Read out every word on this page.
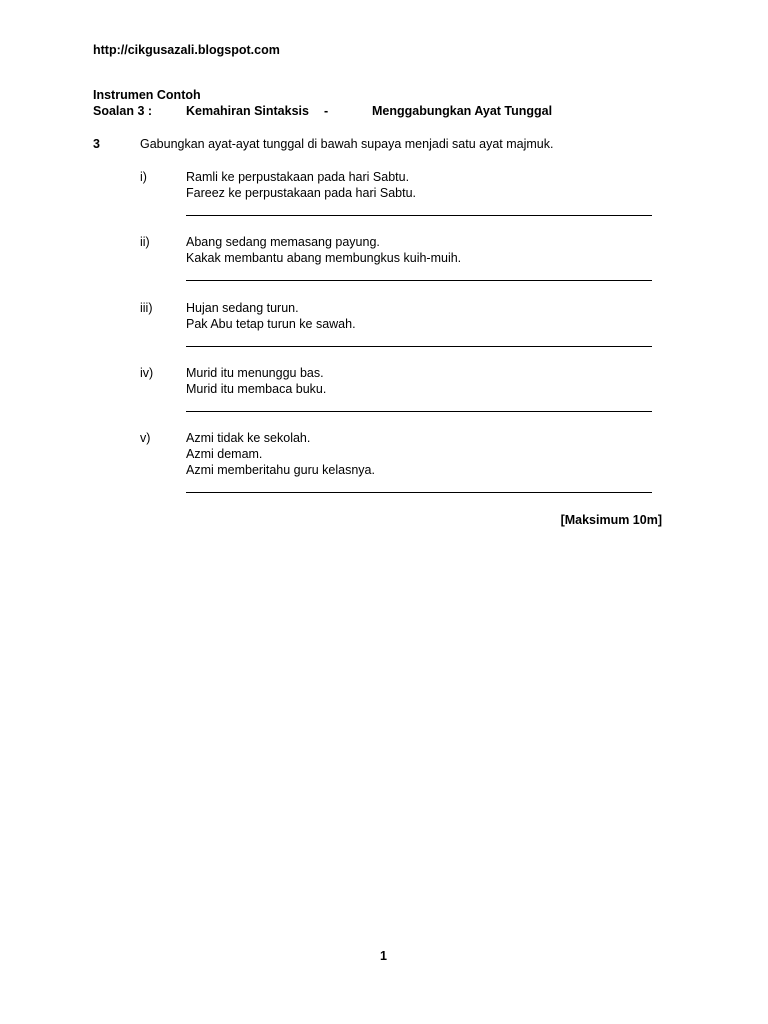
http://cikgusazali.blogspot.com
Instrumen Contoh
Soalan 3 :	Kemahiran Sintaksis -	Menggabungkan Ayat Tunggal
3	Gabungkan ayat-ayat tunggal di bawah supaya menjadi satu ayat majmuk.
i)	Ramli ke perpustakaan pada hari Sabtu.
Fareez ke perpustakaan pada hari Sabtu.
ii)	Abang sedang memasang payung.
Kakak membantu abang membungkus kuih-muih.
iii)	Hujan sedang turun.
Pak Abu tetap turun ke sawah.
iv)	Murid itu menunggu bas.
Murid itu membaca buku.
v)	Azmi tidak ke sekolah.
Azmi demam.
Azmi memberitahu guru kelasnya.
[Maksimum 10m]
1
